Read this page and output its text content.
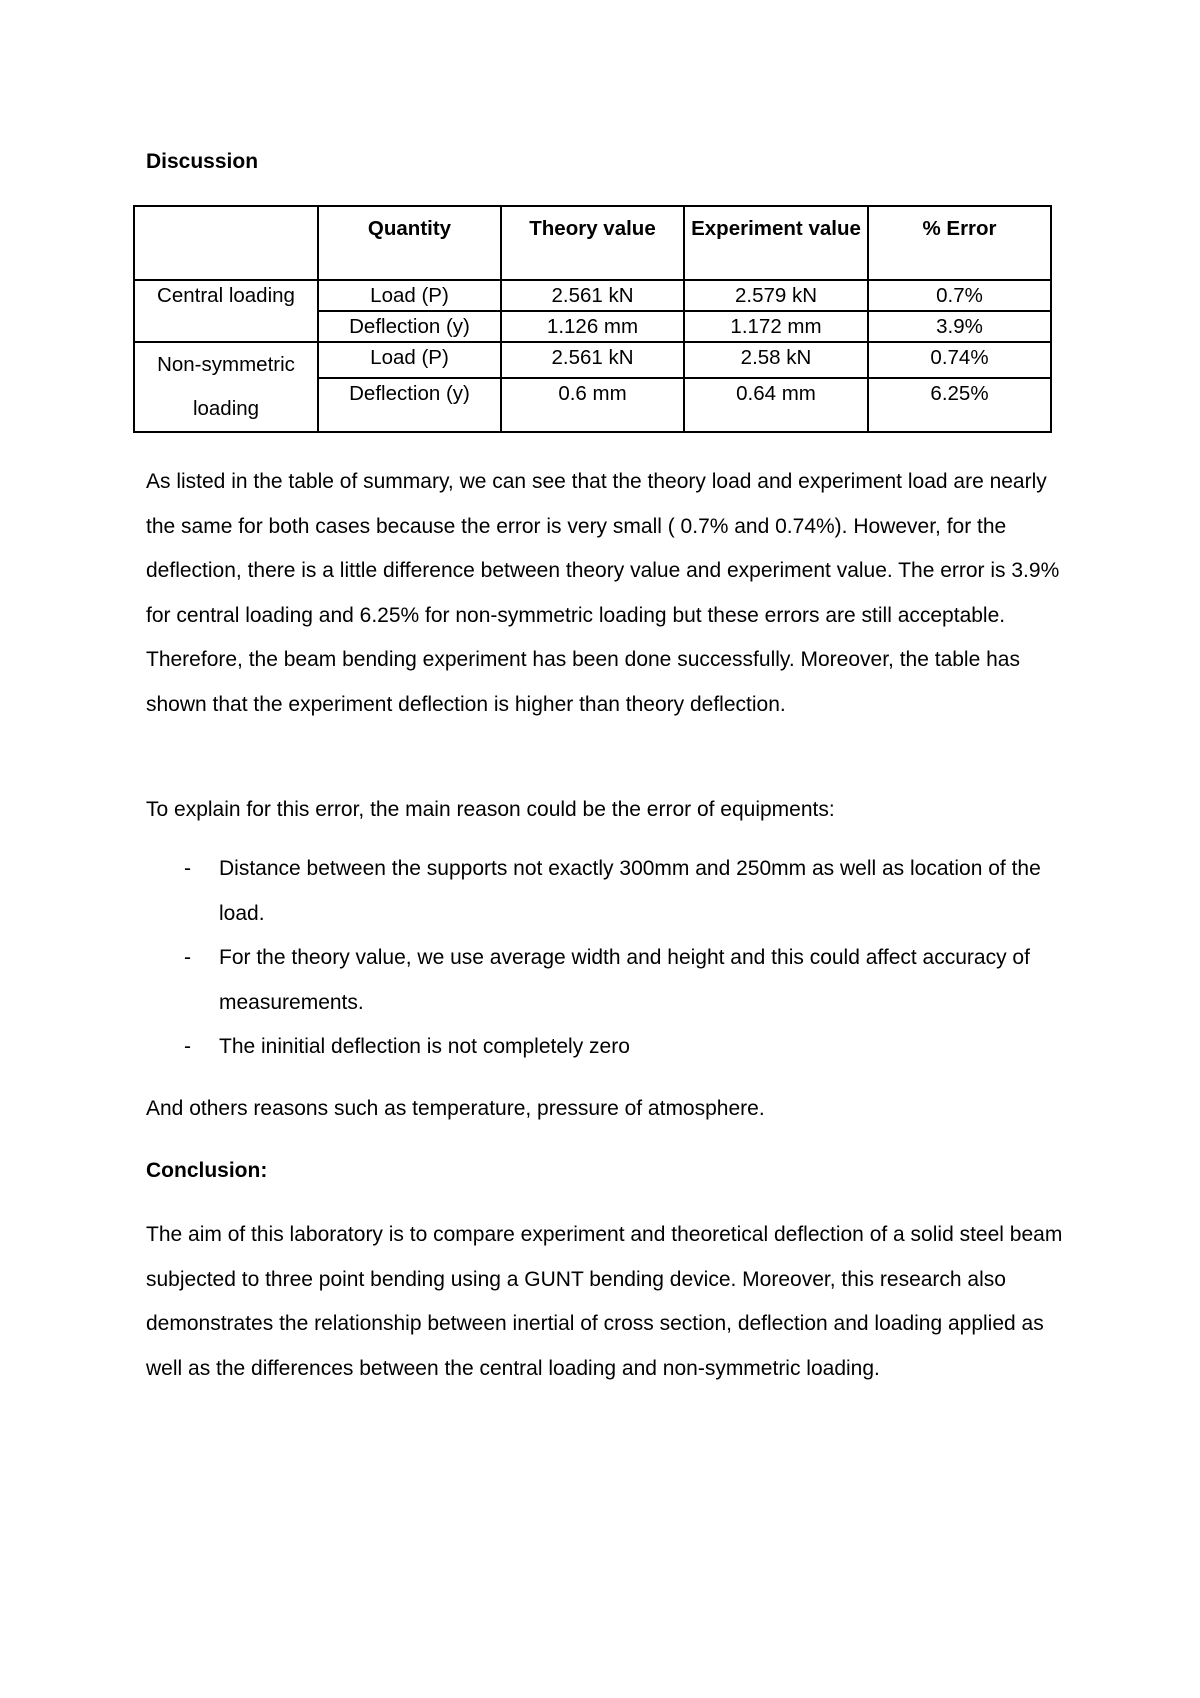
Discussion

	Quantity	Theory value	Experiment value	% Error

Central loading	Load (P)	2.561 kN	2.579 kN	0.7%
	Deflection (y)	1.126 mm	1.172 mm	3.9%
Non-symmetric loading	Load (P)	2.561 kN	2.58 kN	0.74%
	Deflection (y)	0.6 mm	0.64 mm	6.25%

As listed in the table of summary, we can see that the theory load and experiment load are nearly the same for both cases because the error is very small ( 0.7% and 0.74%). However, for the deflection, there is a little difference between theory value and experiment value. The error is 3.9% for central loading and 6.25% for non-symmetric loading but these errors are still acceptable. Therefore, the beam bending experiment has been done successfully. Moreover, the table has shown that the experiment deflection is higher than theory deflection.

To explain for this error, the main reason could be the error of equipments:

- Distance between the supports not exactly 300mm and 250mm as well as location of the load.
- For the theory value, we use average width and height and this could affect accuracy of measurements.
- The ininitial deflection is not completely zero

And others reasons such as temperature, pressure of atmosphere.

Conclusion:

The aim of this laboratory is to compare experiment and theoretical deflection of a solid steel beam subjected to three point bending using a GUNT bending device. Moreover, this research also demonstrates the relationship between inertial of cross section, deflection and loading applied as well as the differences between the central loading and non-symmetric loading.
